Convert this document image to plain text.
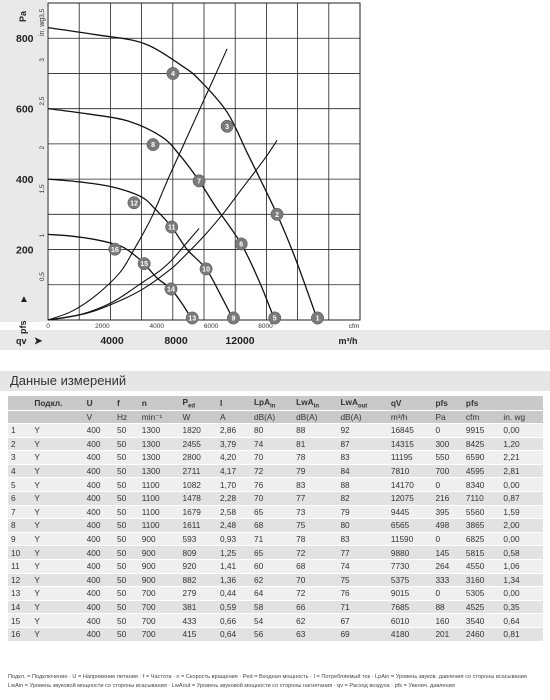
200
400
600
800
Pa
0,5
1
1,5
2
2,5
3
3,5
in. wg
pfs
▲
0	2000	4000	6000	8000	cfm
4000	8000	12000	m³/h
qv ➤
1
2
3
4
5
6
7
8
9
10
11
12
13
14
15
16
Данные измерений
	Подкл.	U	f	n	$P_{ed}$	I	LpA$_{in}$	LwA$_{in}$	LwA$_{out}$	qV	pfs	pfs	
		V	Hz	min⁻¹	W	A	dB(A)	dB(A)	dB(A)	m³/h	Pa	cfm	in. wg
1	Y	400	50	1300	1820	2,86	80	88	92	16845	0	9915	0,00
2	Y	400	50	1300	2455	3,79	74	81	87	14315	300	8425	1,20
3	Y	400	50	1300	2800	4,20	70	78	83	11195	550	6590	2,21
4	Y	400	50	1300	2711	4,17	72	79	84	7810	700	4595	2,81
5	Y	400	50	1100	1082	1,70	76	83	88	14170	0	8340	0,00
6	Y	400	50	1100	1478	2,28	70	77	82	12075	216	7110	0,87
7	Y	400	50	1100	1679	2,58	65	73	79	9445	395	5560	1,59
8	Y	400	50	1100	1611	2,48	68	75	80	6565	498	3865	2,00
9	Y	400	50	900	593	0,93	71	78	83	11590	0	6825	0,00
10	Y	400	50	900	809	1,25	65	72	77	9880	145	5815	0,58
11	Y	400	50	900	920	1,41	60	68	74	7730	264	4550	1,06
12	Y	400	50	900	882	1,36	62	70	75	5375	333	3160	1,34
13	Y	400	50	700	279	0,44	64	72	76	9015	0	5305	0,00
14	Y	400	50	700	381	0,59	58	66	71	7685	88	4525	0,35
15	Y	400	50	700	433	0,66	54	62	67	6010	160	3540	0,64
16	Y	400	50	700	415	0,64	56	63	69	4180	201	2460	0,81
Подкл. = Подключение · U = Напряжение питания · f = Частота · n = Скорость вращения · Ped = Входная мощность · I = Потребляемый ток · LpAin = Уровень звуков. давления со стороны всасывания
LwAin = Уровень звуковой мощности со стороны всасывания · LwAout = Уровень звуковой мощности со стороны нагнетания · qv = Расход воздуха · pfs = Увелич. давления
